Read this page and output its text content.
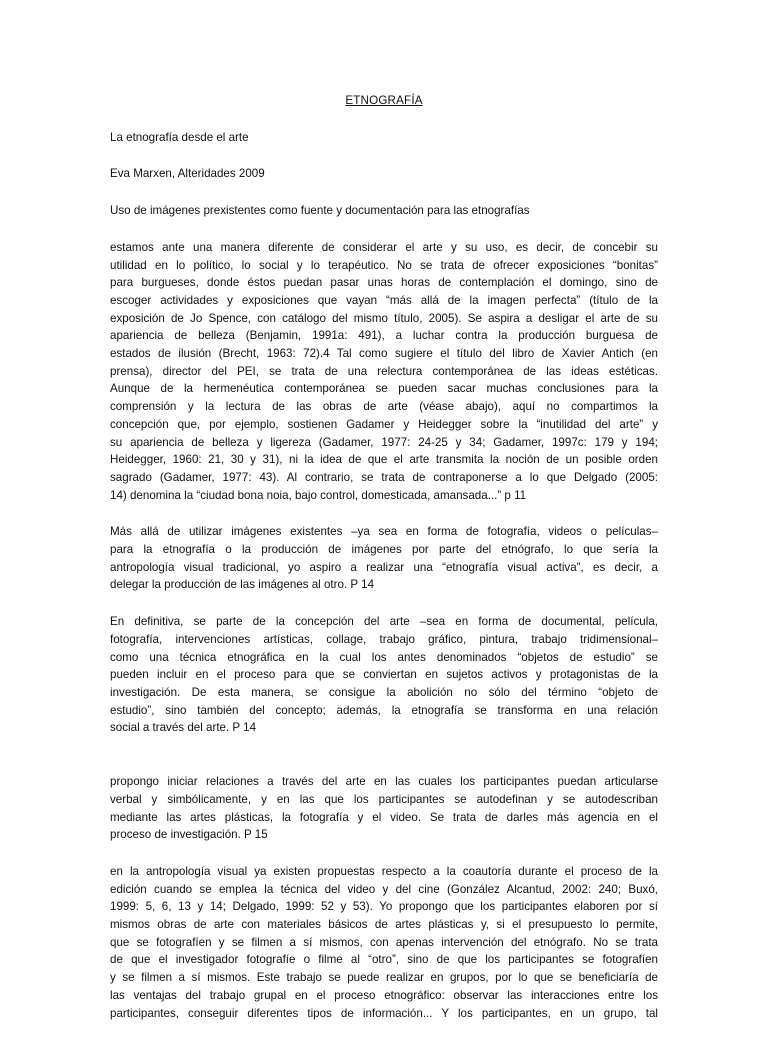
ETNOGRAFÍA
La etnografía desde el arte
Eva Marxen, Alteridades 2009
Uso de imágenes prexistentes como fuente y documentación para las etnografías
estamos ante una manera diferente de considerar el arte y su uso, es decir, de concebir su
utilidad en lo político, lo social y lo terapéutico. No se trata de ofrecer exposiciones “bonitas”
para burgueses, donde éstos puedan pasar unas horas de contemplación el domingo, sino de
escoger actividades y exposiciones que vayan “más allá de la imagen perfecta” (título de la
exposición de Jo Spence, con catálogo del mismo título, 2005). Se aspira a desligar el arte de su
apariencia de belleza (Benjamin, 1991a: 491), a luchar contra la producción burguesa de
estados de ilusión (Brecht, 1963: 72).4 Tal como sugiere el título del libro de Xavier Antich (en
prensa), director del PEI, se trata de una relectura contemporánea de las ideas estéticas.
Aunque de la hermenéutica contemporánea se pueden sacar muchas conclusiones para la
comprensión y la lectura de las obras de arte (véase abajo), aquí no compartimos la
concepción que, por ejemplo, sostienen Gadamer y Heidegger sobre la “inutilidad del arte” y
su apariencia de belleza y ligereza (Gadamer, 1977: 24-25 y 34; Gadamer, 1997c: 179 y 194;
Heidegger, 1960: 21, 30 y 31), ni la idea de que el arte transmita la noción de un posible orden
sagrado (Gadamer, 1977: 43). Al contrario, se trata de contraponerse a lo que Delgado (2005:
14) denomina la “ciudad bona noia, bajo control, domesticada, amansada...” p 11
Más allá de utilizar imágenes existentes –ya sea en forma de fotografía, videos o películas–
para la etnografía o la producción de imágenes por parte del etnógrafo, lo que sería la
antropología visual tradicional, yo aspiro a realizar una “etnografía visual activa”, es decir, a
delegar la producción de las imágenes al otro. P 14
En definitiva, se parte de la concepción del arte –sea en forma de documental, película,
fotografía, intervenciones artísticas, collage, trabajo gráfico, pintura, trabajo tridimensional–
como una técnica etnográfica en la cual los antes denominados “objetos de estudio” se
pueden incluir en el proceso para que se conviertan en sujetos activos y protagonistas de la
investigación. De esta manera, se consigue la abolición no sólo del término “objeto de
estudio”, sino también del concepto; además, la etnografía se transforma en una relación
social a través del arte. P 14
propongo iniciar relaciones a través del arte en las cuales los participantes puedan articularse
verbal y simbólicamente, y en las que los participantes se autodefinan y se autodescriban
mediante las artes plásticas, la fotografía y el video. Se trata de darles más agencia en el
proceso de investigación. P 15
en la antropología visual ya existen propuestas respecto a la coautoría durante el proceso de la
edición cuando se emplea la técnica del video y del cine (González Alcantud, 2002: 240; Buxó,
1999: 5, 6, 13 y 14; Delgado, 1999: 52 y 53). Yo propongo que los participantes elaboren por sí
mismos obras de arte con materiales básicos de artes plásticas y, si el presupuesto lo permite,
que se fotografíen y se filmen a sí mismos, con apenas intervención del etnógrafo. No se trata
de que el investigador fotografíe o filme al “otro”, sino de que los participantes se fotografíen
y se filmen a sí mismos. Este trabajo se puede realizar en grupos, por lo que se beneficiaría de
las ventajas del trabajo grupal en el proceso etnográfico: observar las interacciones entre los
participantes, conseguir diferentes tipos de información... Y los participantes, en un grupo, tal
